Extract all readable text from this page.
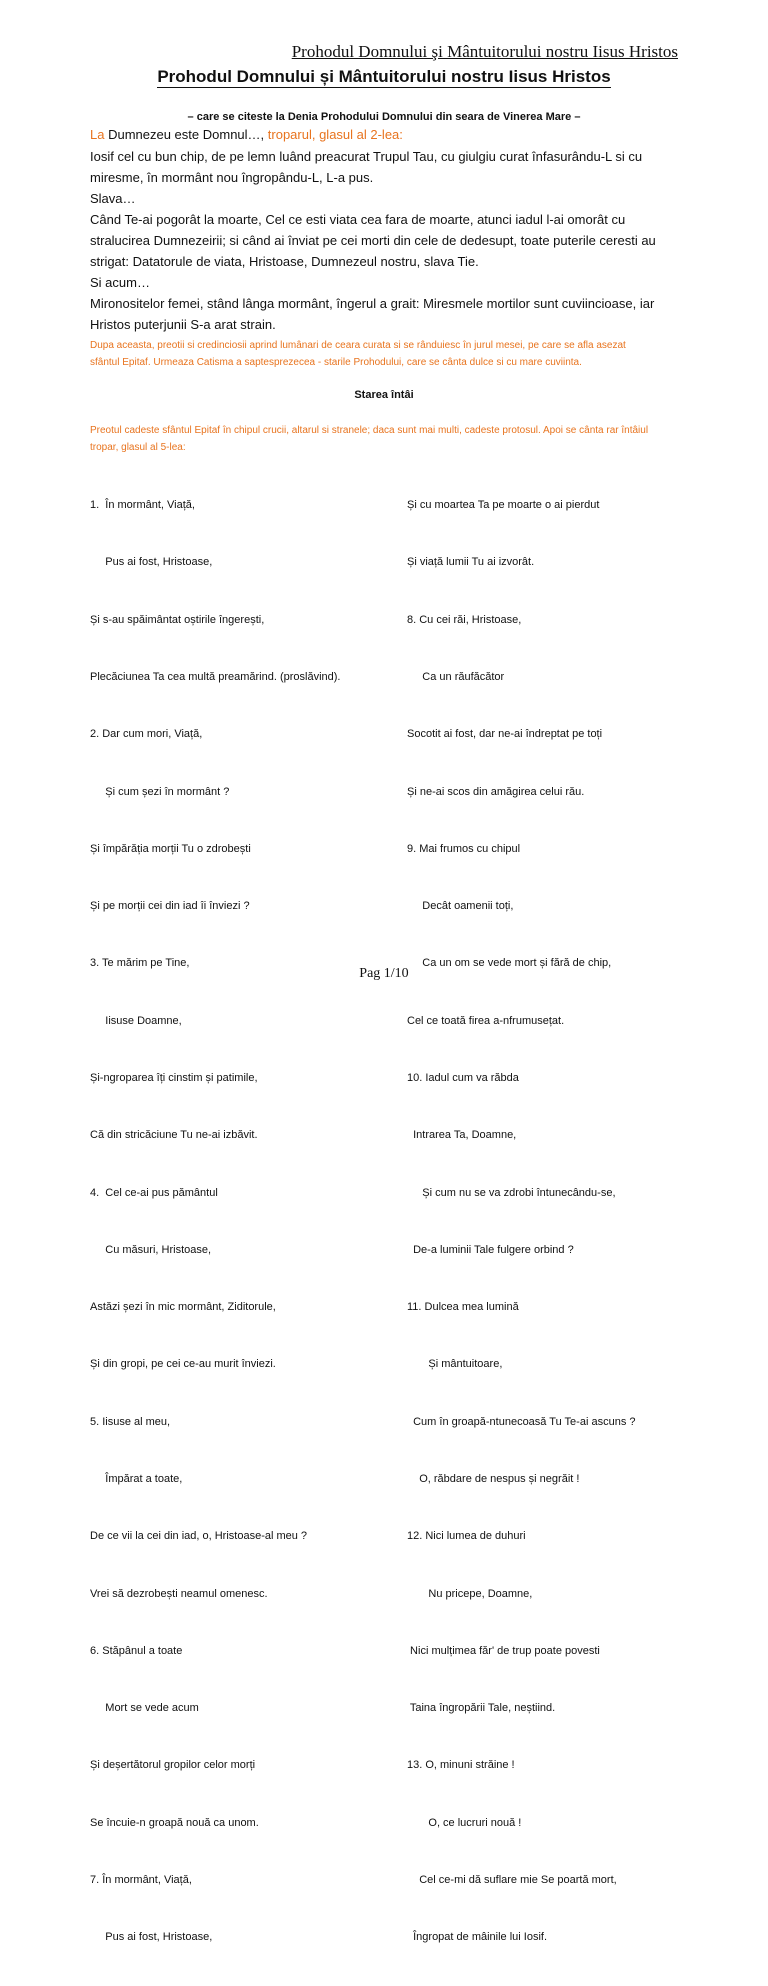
Prohodul Domnului şi Mântuitorului nostru Iisus Hristos
Prohodul Domnului și Mântuitorului nostru Iisus Hristos
– care se citeste la Denia Prohodului Domnului din seara de Vinerea Mare –
La Dumnezeu este Domnul…, troparul, glasul al 2-lea:
Iosif cel cu bun chip, de pe lemn luând preacurat Trupul Tau, cu giulgiu curat înfasurându-L si cu
miresme, în mormânt nou îngropându-L, L-a pus.
Slava…
Când Te-ai pogorât la moarte, Cel ce esti viata cea fara de moarte, atunci iadul l-ai omorât cu
stralucirea Dumnezeirii; si când ai înviat pe cei morti din cele de dedesupt, toate puterile ceresti au
strigat: Datatorule de viata, Hristoase, Dumnezeul nostru, slava Tie.
Si acum…
Mironositelor femei, stând lânga mormânt, îngerul a grait: Miresmele mortilor sunt cuviincioase, iar
Hristos puterjunii S-a arat strain.
Dupa aceasta, preotii si credinciosii aprind lumânari de ceara curata si se rânduiesc în jurul mesei, pe care se afla asezat
sfântul Epitaf. Urmeaza Catisma a saptesprezecea - starile Prohodului, care se cânta dulce si cu mare cuviinta.
Starea întâi
Preotul cadeste sfântul Epitaf în chipul crucii, altarul si stranele; daca sunt mai multi, cadeste protosul. Apoi se cânta rar întâiul
tropar, glasul al 5-lea:

1.  În mormânt, Viață,

Pus ai fost, Hristoase,

Și s-au spăimântat oștirile îngerești,

Plecăciunea Ta cea multă preamărind. (proslăvind).

2. Dar cum mori, Viață,

Și cum șezi în mormânt ?

Și împărăția morții Tu o zdrobești

Și pe morții cei din iad îi înviezi ?

3. Te mărim pe Tine,

Iisuse Doamne,

Și-ngroparea îți cinstim și patimile,

Că din stricăciune Tu ne-ai izbăvit.

4.  Cel ce-ai pus pământul

Cu măsuri, Hristoase,

Astăzi șezi în mic mormânt, Ziditorule,

Și din gropi, pe cei ce-au murit înviezi.

5. Iisuse al meu,

Împărat a toate,

De ce vii la cei din iad, o, Hristoase-al meu ?

Vrei să dezrobești neamul omenesc.

6. Stăpânul a toate

Mort se vede acum

Și deșertătorul gropilor celor morți

Se încuie-n groapă nouă ca unom.

7. În mormânt, Viață,

Pus ai fost, Hristoase,

Și cu moartea Ta pe moarte o ai pierdut

Și viață lumii Tu ai izvorât.

8. Cu cei răi, Hristoase,

Ca un răufăcător

Socotit ai fost, dar ne-ai îndreptat pe toți

Și ne-ai scos din amăgirea celui rău.

9. Mai frumos cu chipul

Decât oamenii toți,

Ca un om se vede mort și fără de chip,

Cel ce toată firea a-nfrumusețat.

10. Iadul cum va răbda

Intrarea Ta, Doamne,

Și cum nu se va zdrobi întunecându-se,

De-a luminii Tale fulgere orbind ?

11. Dulcea mea lumină

Și mântuitoare,

Cum în groapă-ntunecoasă Tu Te-ai ascuns ?

O, răbdare de nespus și negrăit !

12. Nici lumea de duhuri

Nu pricepe, Doamne,

Nici mulțimea făr' de trup poate povesti

Taina îngropării Tale, neștiind.

13. O, minuni străine !

O, ce lucruri nouă !

Cel ce-mi dă suflare mie Se poartă mort,

Îngropat de mâinile lui Iosif.

Pag 1/10
